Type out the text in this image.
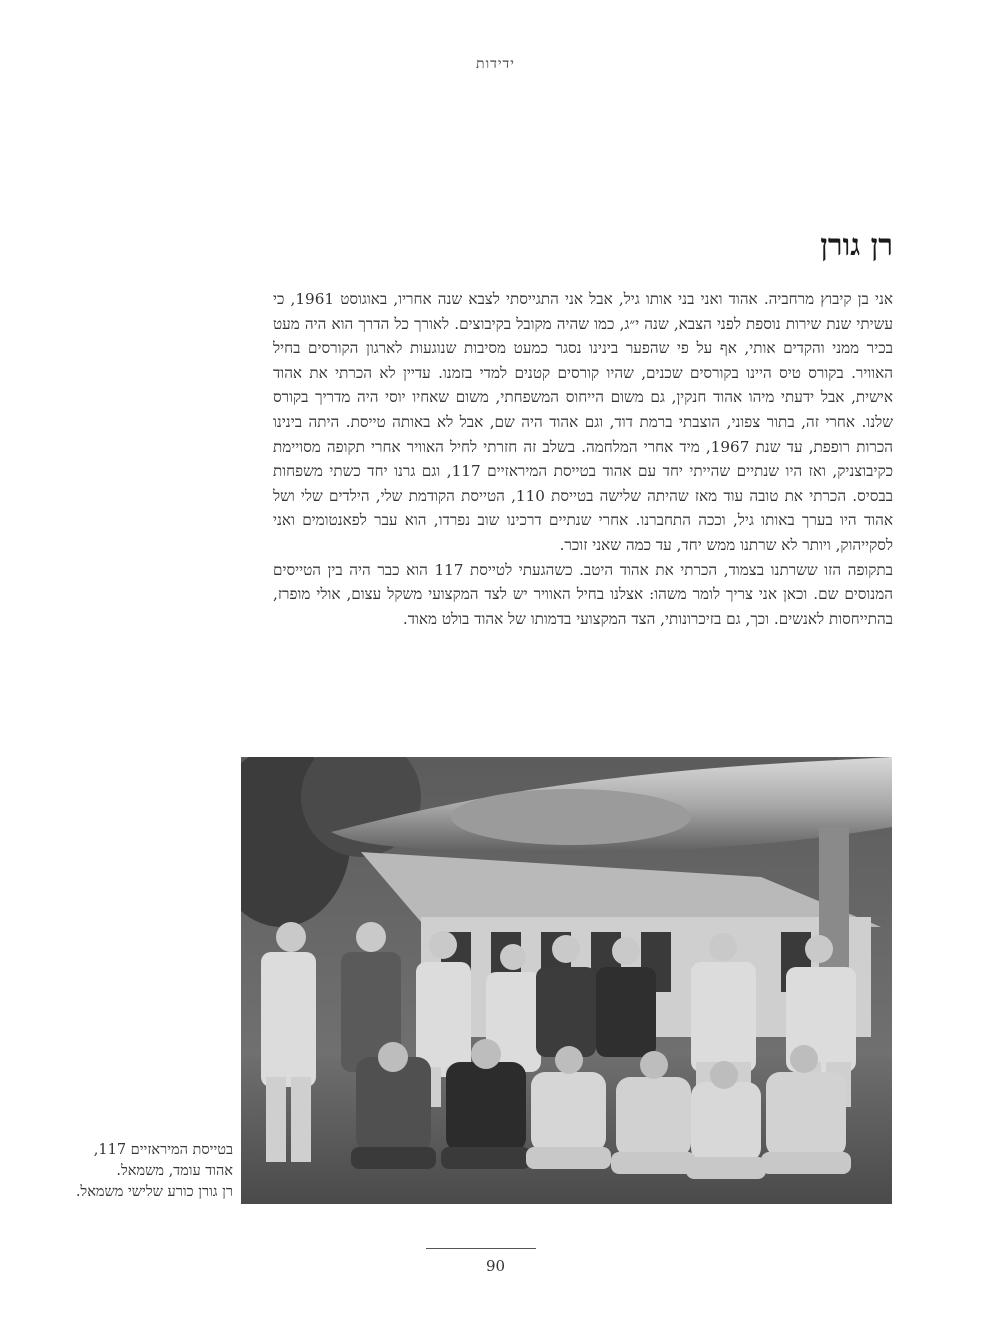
ידידות
רן גורן

אני בן קיבוץ מרחביה. אהוד ואני בני אותו גיל, אבל אני התגייסתי לצבא שנה אחריו, באוגוסט 1961, כי עשיתי שנת שירות נוספת לפני הצבא, שנה י״ג, כמו שהיה מקובל בקיבוצים. לאורך כל הדרך הוא היה מעט בכיר ממני והקדים אותי, אף על פי שהפער בינינו נסגר כמעט מסיבות שנוגעות לארגון הקורסים בחיל האוויר. בקורס טיס היינו בקורסים שכנים, שהיו קורסים קטנים למדי בזמנו. עדיין לא הכרתי את אהוד אישית, אבל ידעתי מיהו אהוד חנקין, גם משום הייחוס המשפחתי, משום שאחיו יוסי היה מדריך בקורס שלנו. אחרי זה, בתור צפוני, הוצבתי ברמת דוד, וגם אהוד היה שם, אבל לא באותה טייסת. היתה בינינו הכרות רופפת, עד שנת 1967, מיד אחרי המלחמה. בשלב זה חזרתי לחיל האוויר אחרי תקופה מסויימת כקיבוצניק, ואז היו שנתיים שהייתי יחד עם אהוד בטייסת המיראזיים 117, וגם גרנו יחד כשתי משפחות בבסיס. הכרתי את טובה עוד מאז שהיתה שלישה בטייסת 110, הטייסת הקודמת שלי, הילדים שלי ושל אהוד היו בערך באותו גיל, וככה התחברנו. אחרי שנתיים דרכינו שוב נפרדו, הוא עבר לפאנטומים ואני לסקייהוק, ויותר לא שרתנו ממש יחד, עד כמה שאני זוכר.

בתקופה הזו ששרתנו בצמוד, הכרתי את אהוד היטב. כשהגעתי לטייסת 117 הוא כבר היה בין הטייסים המנוסים שם. וכאן אני צריך לומר משהו: אצלנו בחיל האוויר יש לצד המקצועי משקל עצום, אולי מופרז, בהתייחסות לאנשים. וכך, גם בזיכרונותי, הצד המקצועי בדמותו של אהוד בולט מאוד.

בטייסת המיראזיים 117,
אהוד עומד, משמאל.
רן גורן כורע שלישי משמאל.
90
